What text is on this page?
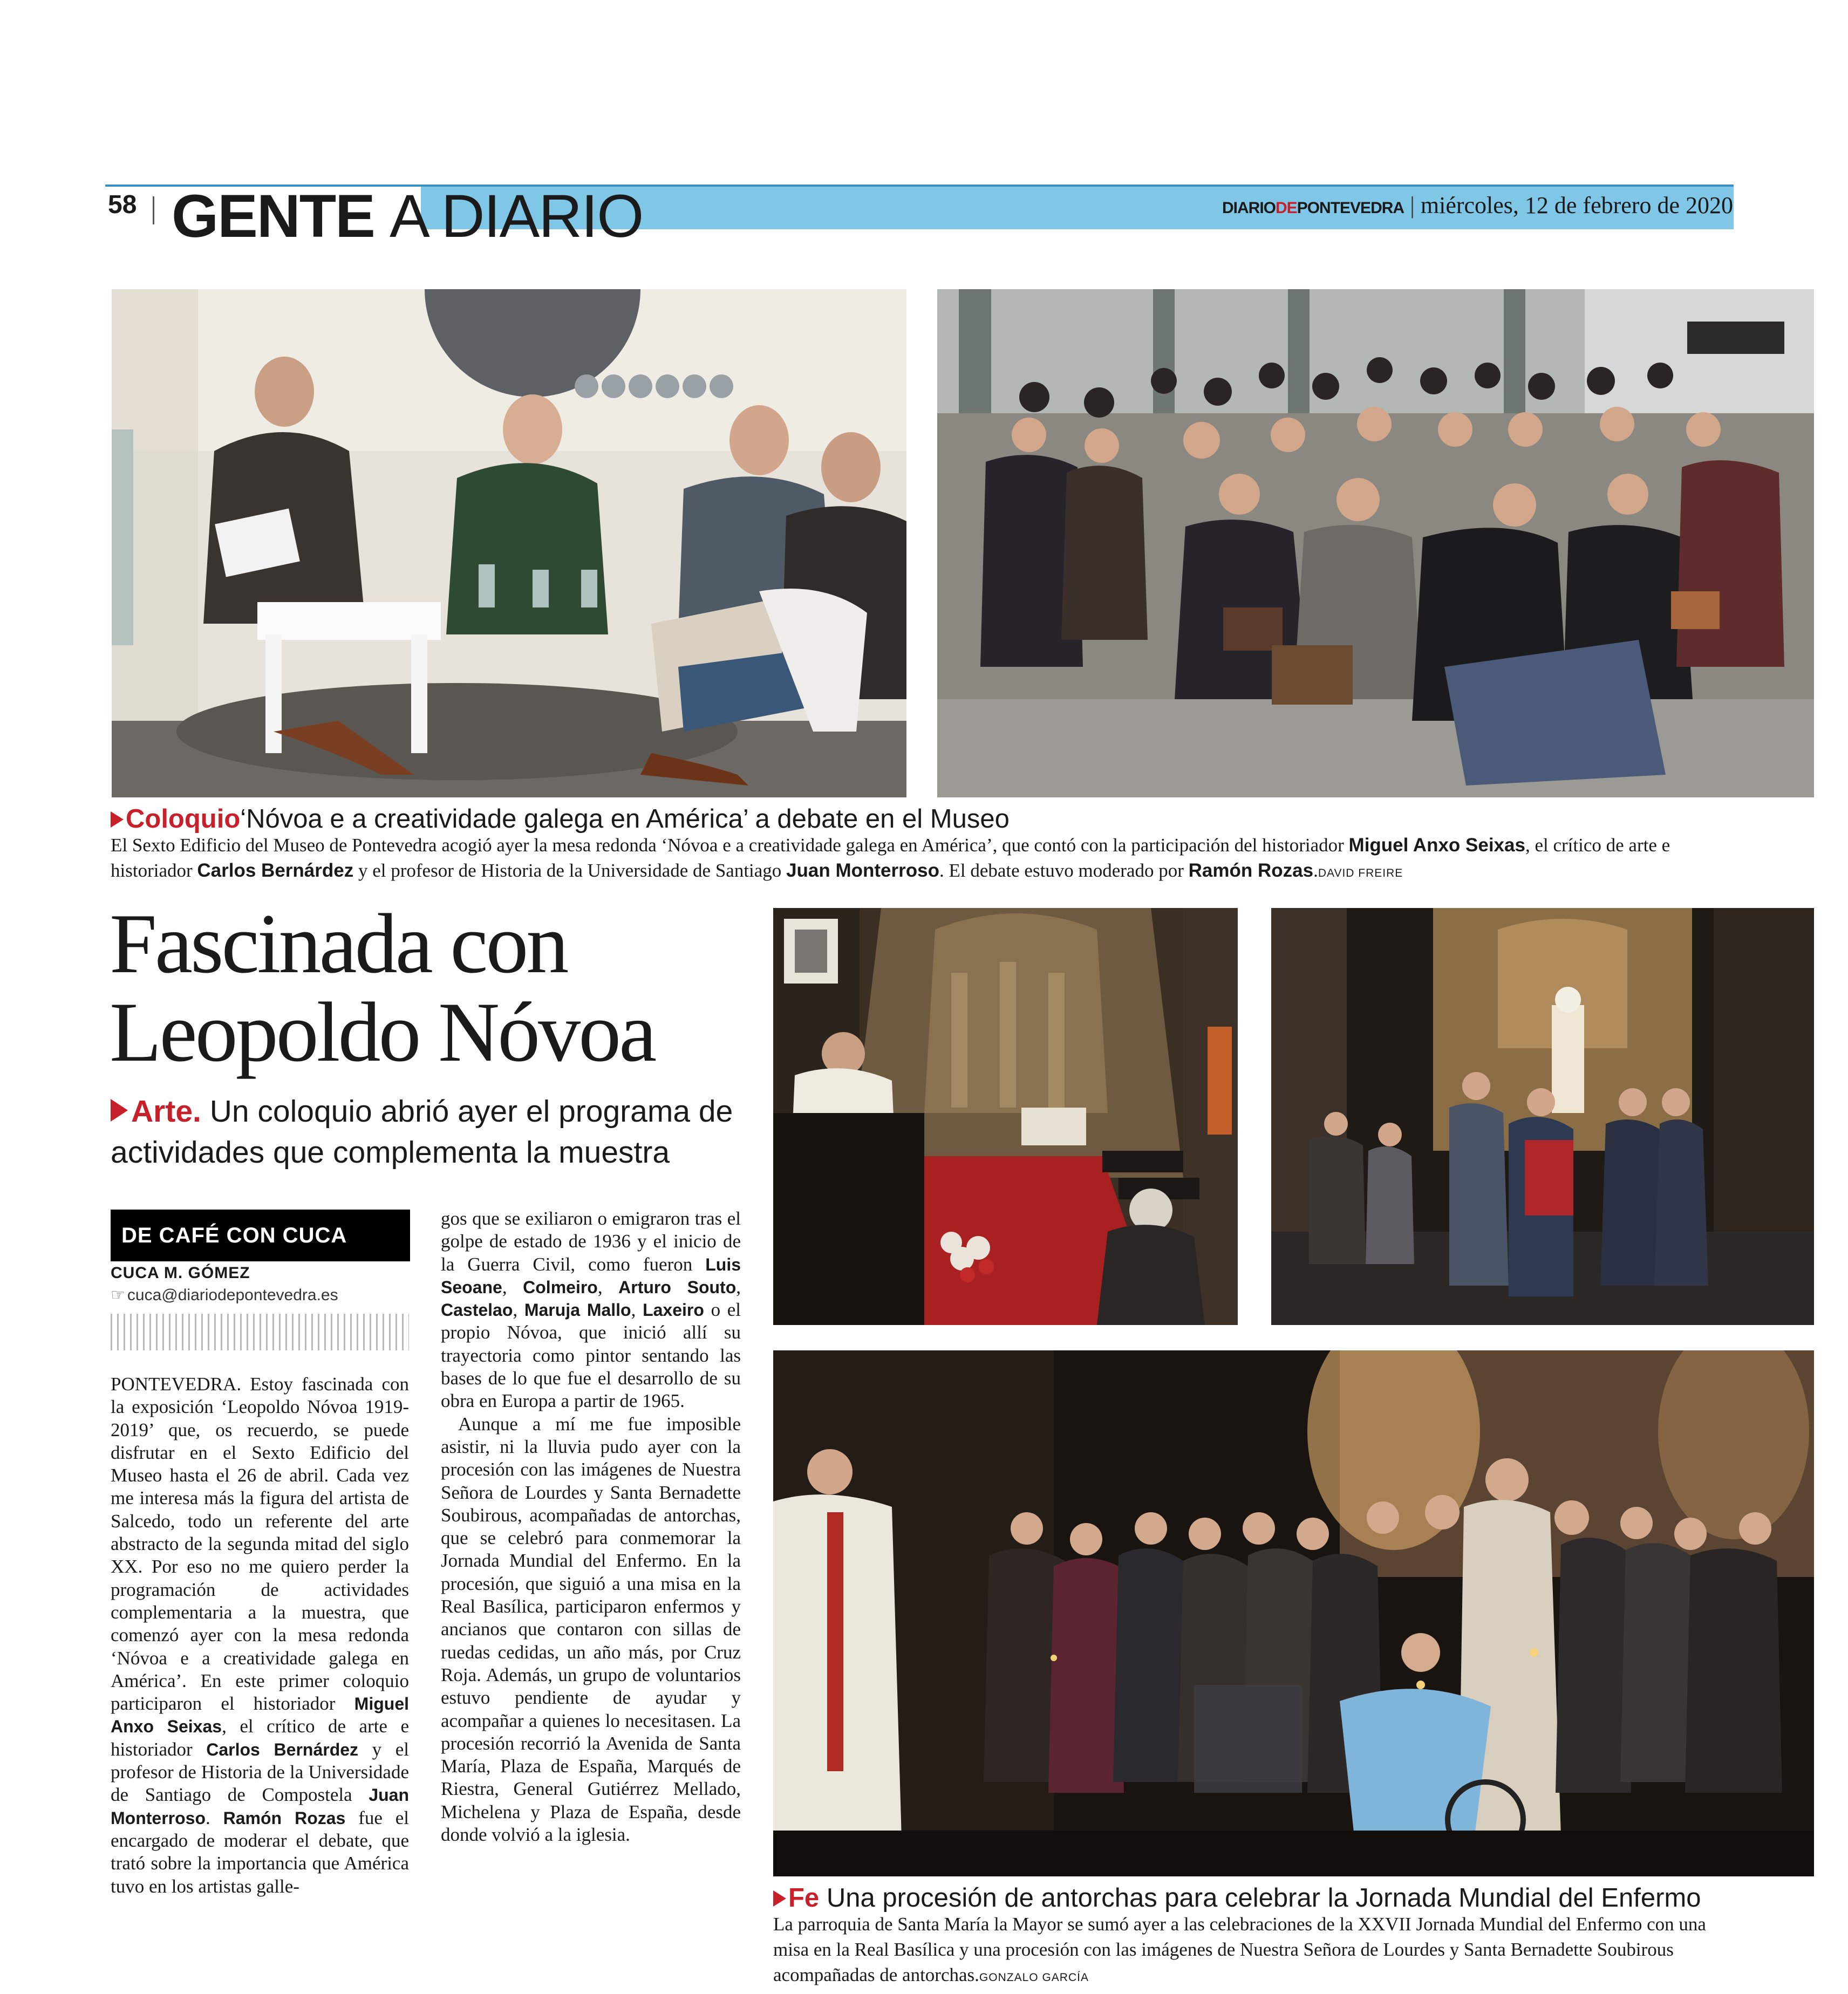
58 GENTE A DIARIO	DIARIODEPONTEVEDRA | miércoles, 12 de febrero de 2020
Coloquio‘Nóvoa e a creatividade galega en América’ a debate en el Museo
El Sexto Edificio del Museo de Pontevedra acogió ayer la mesa redonda ‘Nóvoa e a creatividade galega en América’, que contó con la participación del historiador Miguel Anxo Seixas, el crítico de arte e historiador Carlos Bernárdez y el profesor de Historia de la Universidade de Santiago Juan Monterroso. El debate estuvo moderado por Ramón Rozas.DAVID FREIRE
Fascinada con
Leopoldo Nóvoa
Arte. Un coloquio abrió ayer el programa de actividades que complementa la muestra
DE CAFÉ CON CUCA
CUCA M. GÓMEZ
☞ cuca@diariodepontevedra.es

PONTEVEDRA. Estoy fascinada con la exposición ‘Leopoldo Nóvoa 1919-2019’ que, os recuerdo, se puede disfrutar en el Sexto Edificio del Museo hasta el 26 de abril. Cada vez me interesa más la figura del artista de Salcedo, todo un referente del arte abstracto de la segunda mitad del siglo XX. Por eso no me quiero perder la programación de actividades complementaria a la muestra, que comenzó ayer con la mesa redonda ‘Nóvoa e a creatividade galega en América’. En este primer coloquio participaron el historiador Miguel Anxo Seixas, el crítico de arte e historiador Carlos Bernárdez y el profesor de Historia de la Universidade de Santiago de Compostela Juan Monterroso. Ramón Rozas fue el encargado de moderar el debate, que trató sobre la importancia que América tuvo en los artistas galle-

gos que se exiliaron o emigraron tras el golpe de estado de 1936 y el inicio de la Guerra Civil, como fueron Luis Seoane, Colmeiro, Arturo Souto, Castelao, Maruja Mallo, Laxeiro o el propio Nóvoa, que inició allí su trayectoria como pintor sentando las bases de lo que fue el desarrollo de su obra en Europa a partir de 1965.

Aunque a mí me fue imposible asistir, ni la lluvia pudo ayer con la procesión con las imágenes de Nuestra Señora de Lourdes y Santa Bernadette Soubirous, acompañadas de antorchas, que se celebró para conmemorar la Jornada Mundial del Enfermo. En la procesión, que siguió a una misa en la Real Basílica, participaron enfermos y ancianos que contaron con sillas de ruedas cedidas, un año más, por Cruz Roja. Además, un grupo de voluntarios estuvo pendiente de ayudar y acompañar a quienes lo necesitasen. La procesión recorrió la Avenida de Santa María, Plaza de España, Marqués de Riestra, General Gutiérrez Mellado, Michelena y Plaza de España, desde donde volvió a la iglesia.

Fe Una procesión de antorchas para celebrar la Jornada Mundial del Enfermo
La parroquia de Santa María la Mayor se sumó ayer a las celebraciones de la XXVII Jornada Mundial del Enfermo con una misa en la Real Basílica y una procesión con las imágenes de Nuestra Señora de Lourdes y Santa Bernadette Soubirous acompañadas de antorchas.GONZALO GARCÍA
